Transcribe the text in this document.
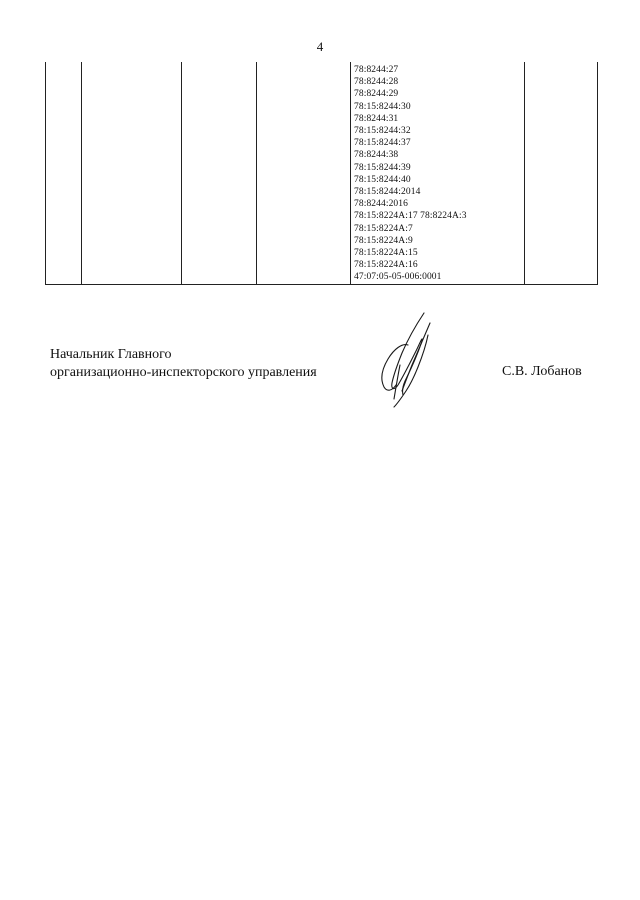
4
78:8244:27
78:8244:28
78:8244:29
78:15:8244:30
78:8244:31
78:15:8244:32
78:15:8244:37
78:8244:38
78:15:8244:39
78:15:8244:40
78:15:8244:2014
78:8244:2016
78:15:8224A:17 78:8224A:3
78:15:8224A:7
78:15:8224A:9
78:15:8224A:15
78:15:8224A:16
47:07:05-05-006:0001
Начальник Главного
организационно-инспекторского управления	С.В. Лобанов
